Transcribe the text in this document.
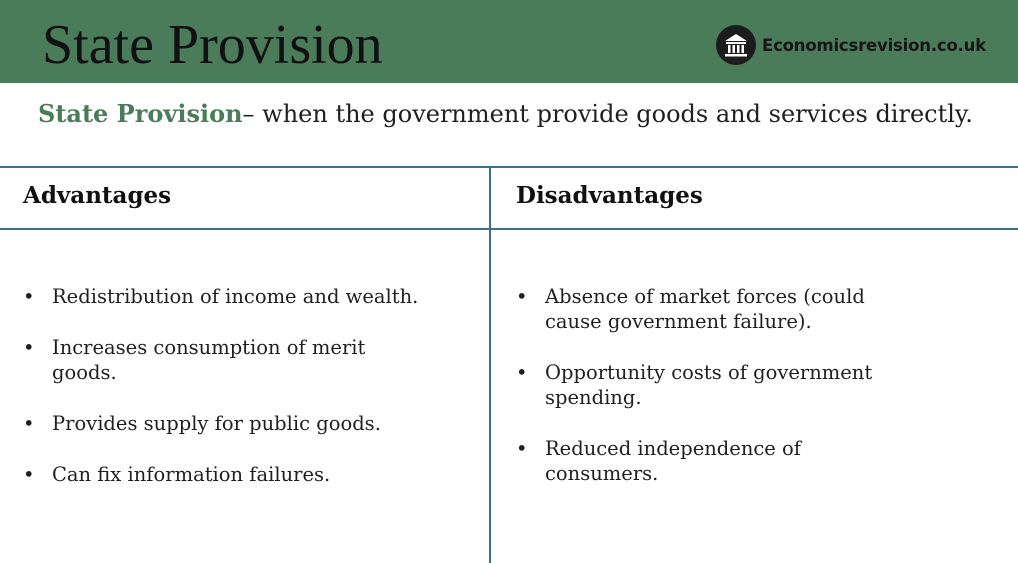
State Provision	Economicsrevision.co.uk

State Provision– when the government provide goods and services directly.

Advantages	Disadvantages
• Redistribution of income and wealth.
• Increases consumption of merit goods.
• Provides supply for public goods.
• Can fix information failures.
• Absence of market forces (could cause government failure).
• Opportunity costs of government spending.
• Reduced independence of consumers.
